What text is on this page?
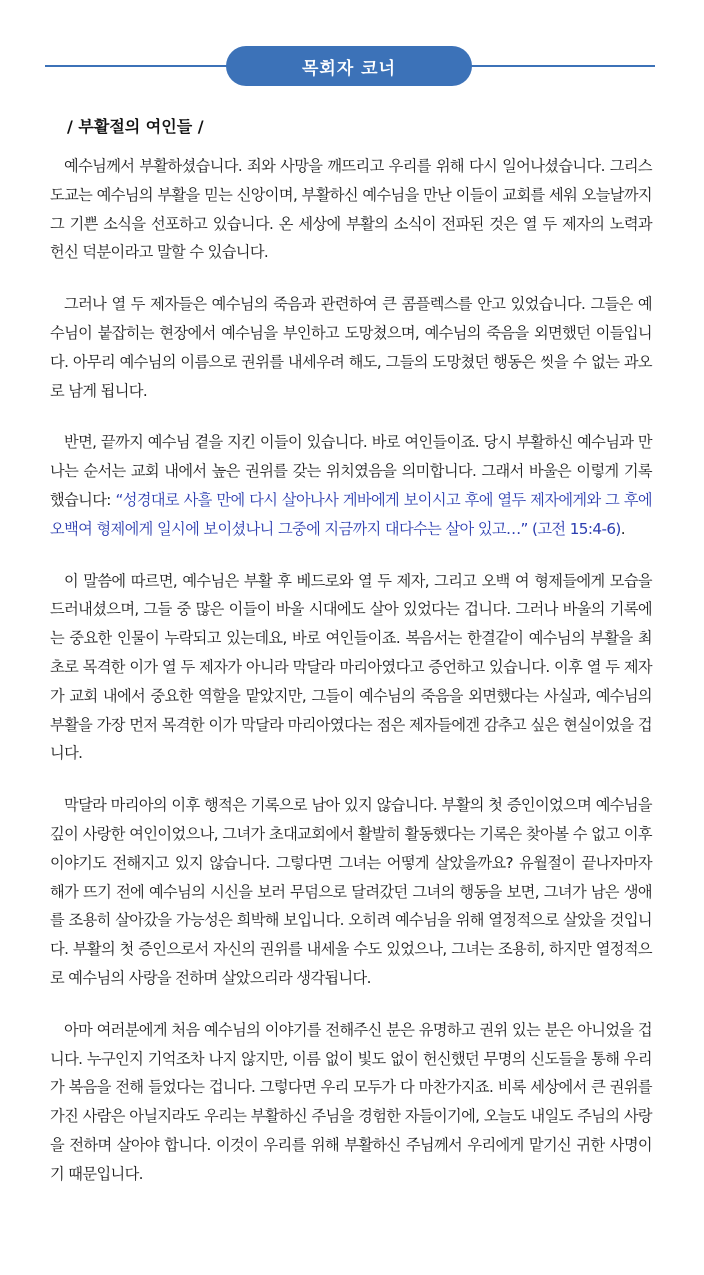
목회자 코너
/ 부활절의 여인들 /

예수님께서 부활하셨습니다. 죄와 사망을 깨뜨리고 우리를 위해 다시 일어나셨습니다. 그리스도교는 예수님의 부활을 믿는 신앙이며, 부활하신 예수님을 만난 이들이 교회를 세워 오늘날까지 그 기쁜 소식을 선포하고 있습니다. 온 세상에 부활의 소식이 전파된 것은 열 두 제자의 노력과 헌신 덕분이라고 말할 수 있습니다.

그러나 열 두 제자들은 예수님의 죽음과 관련하여 큰 콤플렉스를 안고 있었습니다. 그들은 예수님이 붙잡히는 현장에서 예수님을 부인하고 도망쳤으며, 예수님의 죽음을 외면했던 이들입니다. 아무리 예수님의 이름으로 권위를 내세우려 해도, 그들의 도망쳤던 행동은 씻을 수 없는 과오로 남게 됩니다.

반면, 끝까지 예수님 곁을 지킨 이들이 있습니다. 바로 여인들이죠. 당시 부활하신 예수님과 만나는 순서는 교회 내에서 높은 권위를 갖는 위치였음을 의미합니다. 그래서 바울은 이렇게 기록했습니다: “성경대로 사흘 만에 다시 살아나사 게바에게 보이시고 후에 열두 제자에게와 그 후에 오백여 형제에게 일시에 보이셨나니 그중에 지금까지 대다수는 살아 있고…” (고전 15:4-6).

이 말씀에 따르면, 예수님은 부활 후 베드로와 열 두 제자, 그리고 오백 여 형제들에게 모습을 드러내셨으며, 그들 중 많은 이들이 바울 시대에도 살아 있었다는 겁니다. 그러나 바울의 기록에는 중요한 인물이 누락되고 있는데요, 바로 여인들이죠. 복음서는 한결같이 예수님의 부활을 최초로 목격한 이가 열 두 제자가 아니라 막달라 마리아였다고 증언하고 있습니다. 이후 열 두 제자가 교회 내에서 중요한 역할을 맡았지만, 그들이 예수님의 죽음을 외면했다는 사실과, 예수님의 부활을 가장 먼저 목격한 이가 막달라 마리아였다는 점은 제자들에겐 감추고 싶은 현실이었을 겁니다.

막달라 마리아의 이후 행적은 기록으로 남아 있지 않습니다. 부활의 첫 증인이었으며 예수님을 깊이 사랑한 여인이었으나, 그녀가 초대교회에서 활발히 활동했다는 기록은 찾아볼 수 없고 이후 이야기도 전해지고 있지 않습니다. 그렇다면 그녀는 어떻게 살았을까요? 유월절이 끝나자마자 해가 뜨기 전에 예수님의 시신을 보러 무덤으로 달려갔던 그녀의 행동을 보면, 그녀가 남은 생애를 조용히 살아갔을 가능성은 희박해 보입니다. 오히려 예수님을 위해 열정적으로 살았을 것입니다. 부활의 첫 증인으로서 자신의 권위를 내세울 수도 있었으나, 그녀는 조용히, 하지만 열정적으로 예수님의 사랑을 전하며 살았으리라 생각됩니다.

아마 여러분에게 처음 예수님의 이야기를 전해주신 분은 유명하고 권위 있는 분은 아니었을 겁니다. 누구인지 기억조차 나지 않지만, 이름 없이 빛도 없이 헌신했던 무명의 신도들을 통해 우리가 복음을 전해 들었다는 겁니다. 그렇다면 우리 모두가 다 마찬가지죠. 비록 세상에서 큰 권위를 가진 사람은 아닐지라도 우리는 부활하신 주님을 경험한 자들이기에, 오늘도 내일도 주님의 사랑을 전하며 살아야 합니다. 이것이 우리를 위해 부활하신 주님께서 우리에게 맡기신 귀한 사명이기 때문입니다.
